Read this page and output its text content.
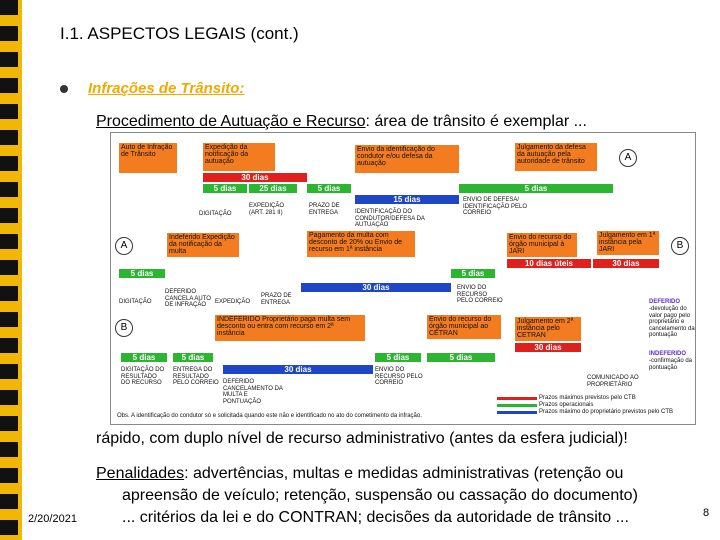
I.1. ASPECTOS LEGAIS (cont.)
Infrações de Trânsito:
Procedimento de Autuação e Recurso: área de trânsito é exemplar ...
Auto de Infração de Trânsito
Expedição da notificação da autuação
Envio da identificação do condutor e/ou defesa da autuação
Julgamento da defesa da autuação pela autoridade de trânsito	A
30 dias
5 dias	25 dias	5 dias
15 dias
5 dias
DIGITAÇÃO
EXPEDIÇÃO (ART. 281 II)
PRAZO DE ENTREGA	IDENTIFICAÇÃO DO CONDUTOR/DEFESA DA AUTUAÇÃO
ENVIO DE DEFESA/ IDENTIFICAÇÃO PELO CORREIO
A
Indeferido Expedição da notificação da multa
Pagamento da multa com desconto de 20% ou Envio de recurso em 1ª instância
Envio do recurso do órgão municipal à JARI
Julgamento em 1ª instância pela JARI	B
10 dias úteis	30 dias
5 dias	5 dias
30 dias
DIGITAÇÃO
DEFERIDO CANCELA AUTO DE INFRAÇÃO	EXPEDIÇÃO
PRAZO DE ENTREGA
ENVIO DO RECURSO PELO CORREIO	DEFERIDO
-devolução do valor pago pelo proprietário e cancelamento da pontuação
INDEFERIDO
-confirmação da pontuação
B
INDEFERIDO Proprietário paga multa sem desconto ou entra com recurso em 2ª instância
Envio do recurso do órgão municipal ao CETRAN
Julgamento em 2ª instância pelo CETRAN
30 dias
5 dias	5 dias	5 dias	5 dias
30 dias
DIGITAÇÃO DO RESULTADO DO RECURSO
ENTREGA DO RESULTADO PELO CORREIO DEFERIDO CANCELAMENTO DA MULTA E PONTUAÇÃO
ENVIO DO RECURSO PELO CORREIO
COMUNICADO AO PROPRIETÁRIO
Prazos máximos previstos pelo CTB
Prazos operacionais
Prazos máximo do proprietário previstos pelo CTB
Obs. A identificação do condutor só e solicitada quando este não e identificado no ato do cometimento da infração.
rápido, com duplo nível de recurso administrativo (antes da esfera judicial)!
Penalidades: advertências, multas e medidas administrativas (retenção ou
apreensão de veículo; retenção, suspensão ou cassação do documento)
... critérios da lei e do CONTRAN; decisões da autoridade de trânsito ...
2/20/2021	8
